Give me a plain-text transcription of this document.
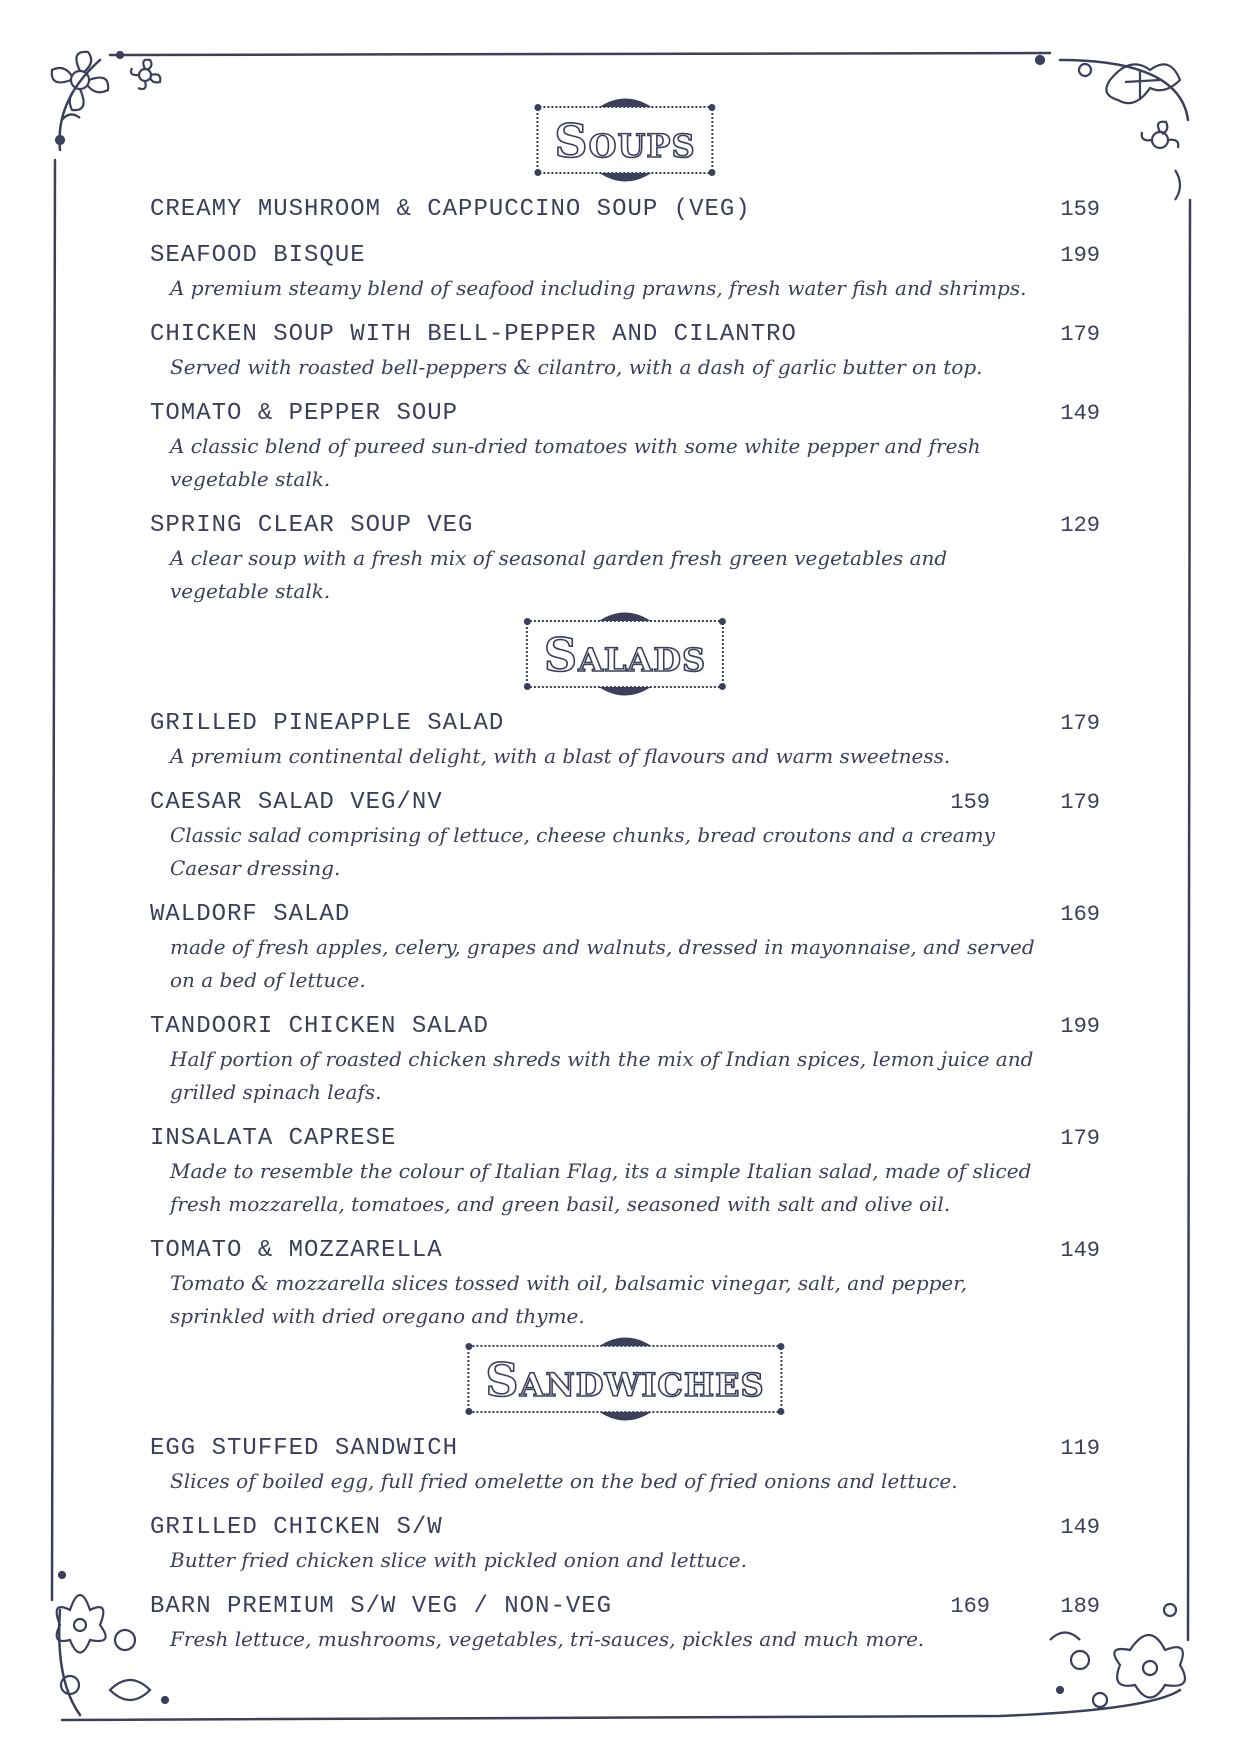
Soups
CREAMY MUSHROOM & CAPPUCCINO SOUP (VEG)	159
SEAFOOD BISQUE	199
A premium steamy blend of seafood including prawns, fresh water fish and shrimps.
CHICKEN SOUP WITH BELL-PEPPER AND CILANTRO	179
Served with roasted bell-peppers & cilantro, with a dash of garlic butter on top.
TOMATO & PEPPER SOUP	149
A classic blend of pureed sun-dried tomatoes with some white pepper and fresh vegetable stalk.
SPRING CLEAR SOUP VEG	129
A clear soup with a fresh mix of seasonal garden fresh green vegetables and vegetable stalk.
Salads
GRILLED PINEAPPLE SALAD	179
A premium continental delight, with a blast of flavours and warm sweetness.
CAESAR SALAD VEG/NV	159	179
Classic salad comprising of lettuce, cheese chunks, bread croutons and a creamy Caesar dressing.
WALDORF SALAD	169
made of fresh apples, celery, grapes and walnuts, dressed in mayonnaise, and served on a bed of lettuce.
TANDOORI CHICKEN SALAD	199
Half portion of roasted chicken shreds with the mix of Indian spices, lemon juice and grilled spinach leafs.
INSALATA CAPRESE	179
Made to resemble the colour of Italian Flag, its a simple Italian salad, made of sliced fresh mozzarella, tomatoes, and green basil, seasoned with salt and olive oil.
TOMATO & MOZZARELLA	149
Tomato & mozzarella slices tossed with oil, balsamic vinegar, salt, and pepper, sprinkled with dried oregano and thyme.
Sandwiches
EGG STUFFED SANDWICH	119
Slices of boiled egg, full fried omelette on the bed of fried onions and lettuce.
GRILLED CHICKEN S/W	149
Butter fried chicken slice with pickled onion and lettuce.
BARN PREMIUM S/W VEG / NON-VEG	169	189
Fresh lettuce, mushrooms, vegetables, tri-sauces, pickles and much more.
